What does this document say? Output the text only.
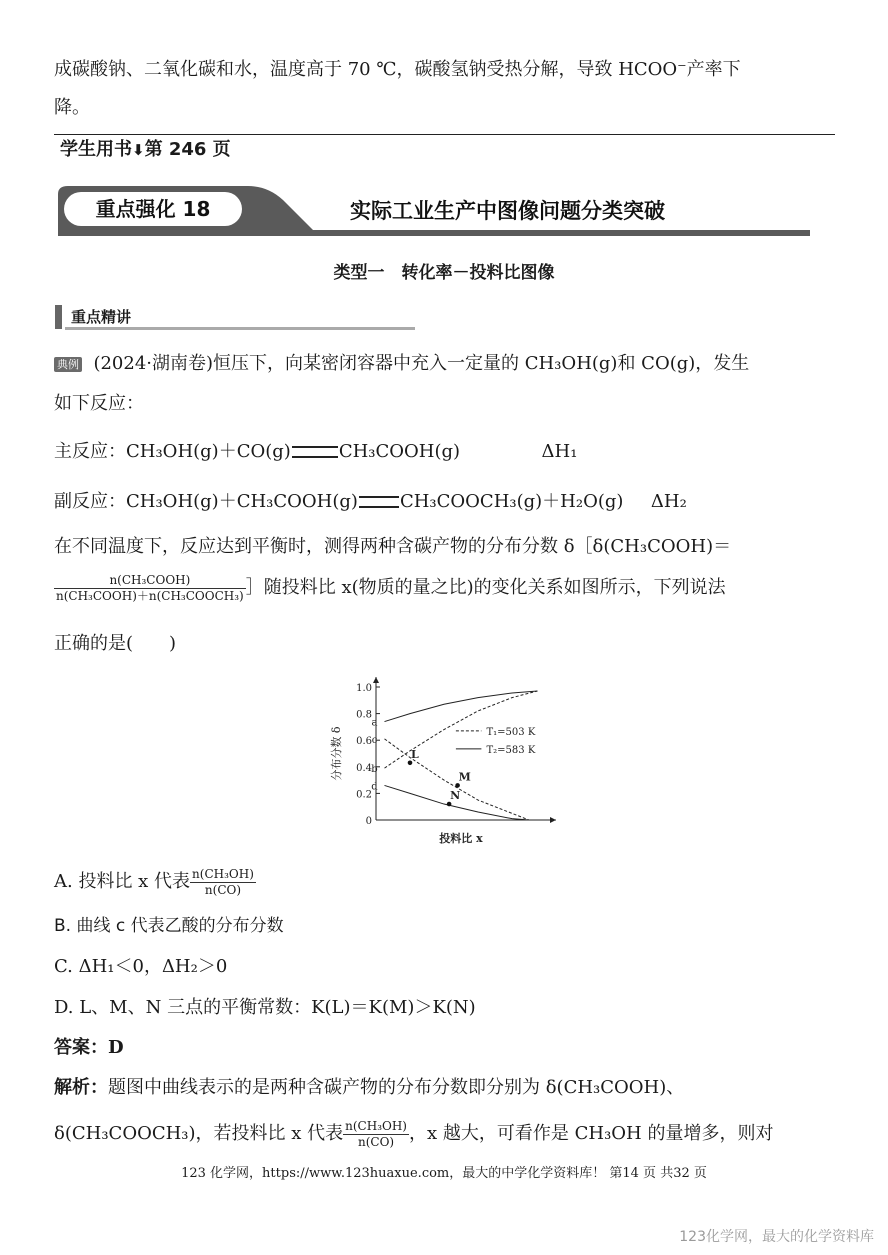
成碳酸钠、二氧化碳和水，温度高于 70 ℃，碳酸氢钠受热分解，导致 HCOO⁻产率下
降。
学生用书⬇第 246 页
重点强化 18	实际工业生产中图像问题分类突破
类型一　转化率－投料比图像
重点精讲
典例 (2024·湖南卷)恒压下，向某密闭容器中充入一定量的 CH₃OH(g)和 CO(g)，发生
如下反应：
主反应：CH₃OH(g)＋CO(g)	CH₃COOH(g)	ΔH₁
副反应：CH₃OH(g)＋CH₃COOH(g) CH₃COOCH₃(g)＋H₂O(g) ΔH₂
在不同温度下，反应达到平衡时，测得两种含碳产物的分布分数 δ［δ(CH₃COOH)＝
$\frac{\text{n(CH₃COOH)}}{\text{n(CH₃COOH)＋n(CH₃COOCH₃)}}$ ］随投料比 x(物质的量之比)的变化关系如图所示，下列说法
正确的是(　　)
0
0.2
0.4
0.6
0.8
1.0
分布分数 δ
投料比 x
a
b
c
d
L
M
N
T₁=503 K
T₂=583 K
A. 投料比 x 代表 $\frac{\text{n(CH₃OH)}}{n(CO)}$
B. 曲线 c 代表乙酸的分布分数
C. ΔH₁＜0，ΔH₂＞0
D. L、M、N 三点的平衡常数：K(L)＝K(M)＞K(N)
答案：D
解析：题图中曲线表示的是两种含碳产物的分布分数即分别为 δ(CH₃COOH)、
δ(CH₃COOCH₃)，若投料比 x 代表 $\frac{\text{n(CH₃OH)}}{n(CO)}$ ，x 越大，可看作是 CH₃OH 的量增多，则对
123 化学网，https://www.123huaxue.com，最大的中学化学资料库！ 第14 页 共32 页
123化学网，最大的化学资料库
